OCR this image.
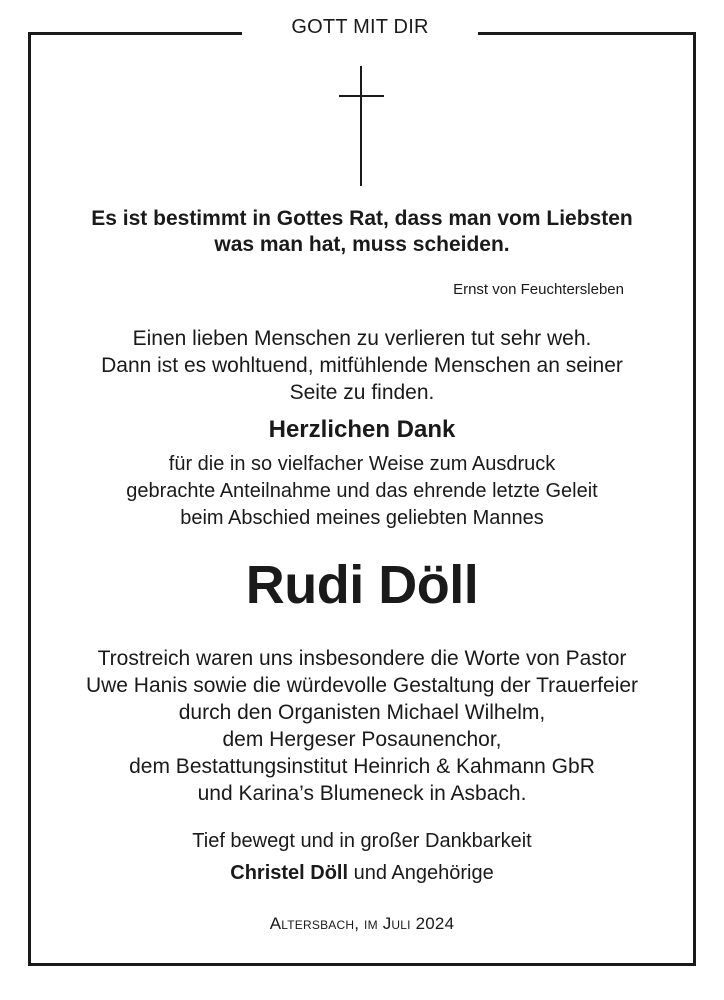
GOTT MIT DIR
Es ist bestimmt in Gottes Rat, dass man vom Liebsten
was man hat, muss scheiden.
Ernst von Feuchtersleben
Einen lieben Menschen zu verlieren tut sehr weh.
Dann ist es wohltuend, mitfühlende Menschen an seiner
Seite zu finden.
Herzlichen Dank
für die in so vielfacher Weise zum Ausdruck
gebrachte Anteilnahme und das ehrende letzte Geleit
beim Abschied meines geliebten Mannes
Rudi Döll
Trostreich waren uns insbesondere die Worte von Pastor
Uwe Hanis sowie die würdevolle Gestaltung der Trauerfeier
durch den Organisten Michael Wilhelm,
dem Hergeser Posaunenchor,
dem Bestattungsinstitut Heinrich & Kahmann GbR
und Karina’s Blumeneck in Asbach.
Tief bewegt und in großer Dankbarkeit
Christel Döll und Angehörige
Altersbach, im Juli 2024
